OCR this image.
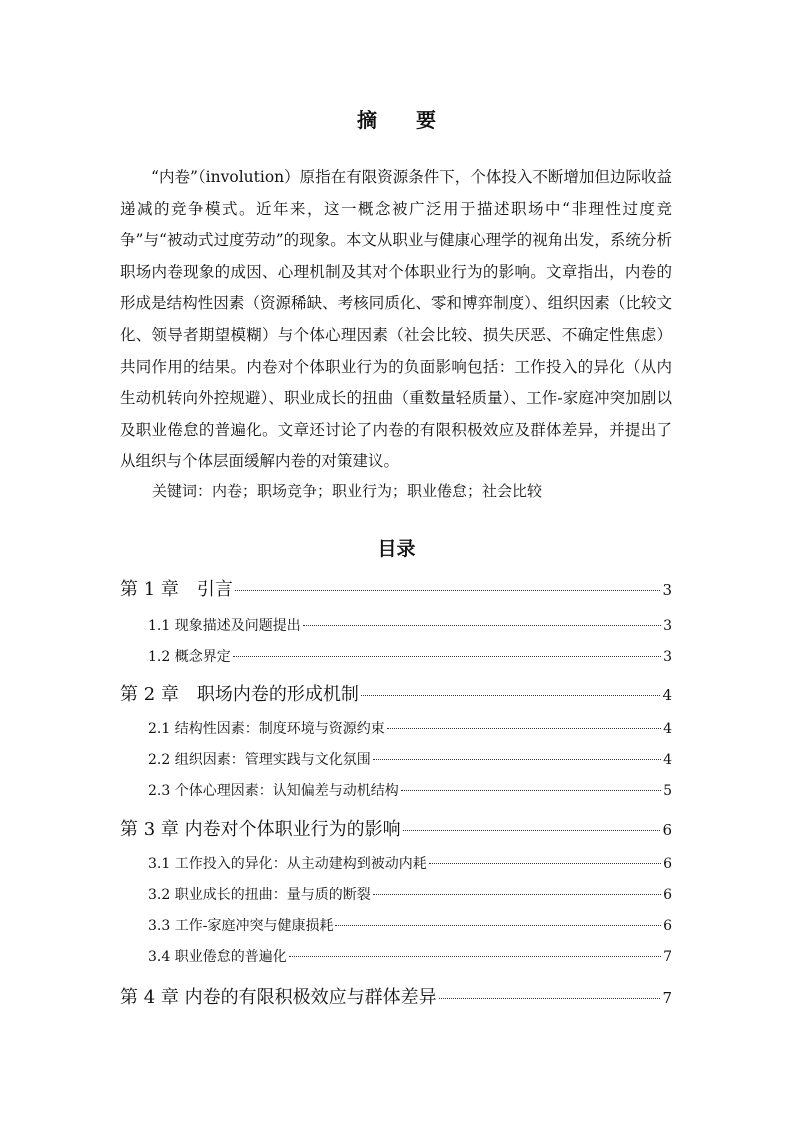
摘 要

“内卷”（involution）原指在有限资源条件下，个体投入不断增加但边际收益递减的竞争模式。近年来，这一概念被广泛用于描述职场中“非理性过度竞争”与“被动式过度劳动”的现象。本文从职业与健康心理学的视角出发，系统分析职场内卷现象的成因、心理机制及其对个体职业行为的影响。文章指出，内卷的形成是结构性因素（资源稀缺、考核同质化、零和博弈制度）、组织因素（比较文化、领导者期望模糊）与个体心理因素（社会比较、损失厌恶、不确定性焦虑）共同作用的结果。内卷对个体职业行为的负面影响包括：工作投入的异化（从内生动机转向外控规避）、职业成长的扭曲（重数量轻质量）、工作-家庭冲突加剧以及职业倦怠的普遍化。文章还讨论了内卷的有限积极效应及群体差异，并提出了从组织与个体层面缓解内卷的对策建议。

关键词：内卷；职场竞争；职业行为；职业倦怠；社会比较
目录
第 1 章　引言	3
1.1 现象描述及问题提出	3
1.2 概念界定	3
第 2 章　职场内卷的形成机制	4
2.1 结构性因素：制度环境与资源约束	4
2.2 组织因素：管理实践与文化氛围	4
2.3 个体心理因素：认知偏差与动机结构	5
第 3 章 内卷对个体职业行为的影响	6
3.1 工作投入的异化：从主动建构到被动内耗	6
3.2 职业成长的扭曲：量与质的断裂	6
3.3 工作-家庭冲突与健康损耗	6
3.4 职业倦怠的普遍化	7
第 4 章 内卷的有限积极效应与群体差异	7
